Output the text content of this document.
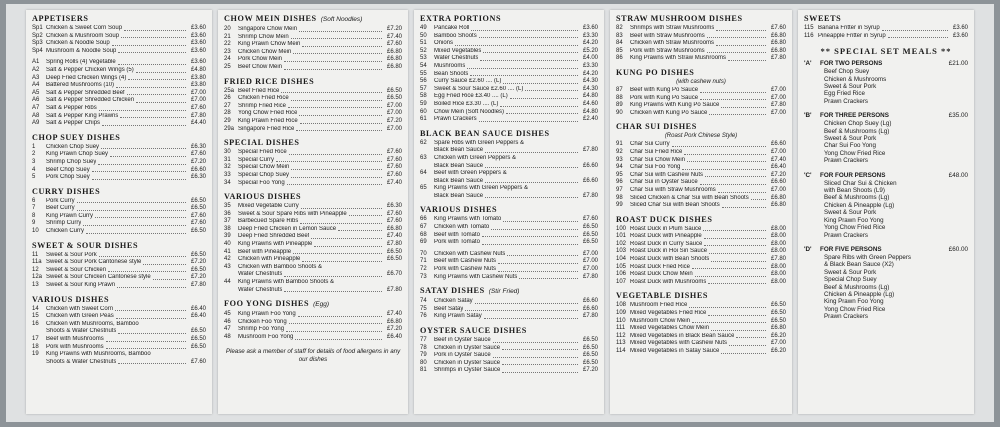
APPETISERS
Sp1 Chicken & Sweet Corn Soup	£3.60
Sp2 Chicken & Mushroom Soup	£3.60
Sp3 Chicken & Noodle Soup	£3.60
Sp4 Mushroom & Noodle Soup	£3.60
A1	Spring Rolls (4) Vegetable	£3.60
A2	Salt & Pepper Chicken Wings (5)	£4.80
A3	Deep Fried Chicken Wings (4)	£3.80
A4	Battered Mushrooms (10)	£3.80
A5	Salt & Pepper Shredded Beef	£7.00
A6	Salt & Pepper Shredded Chicken	£7.00
A7	Salt & Pepper Ribs	£7.60
A8	Salt & Pepper King Prawns	£7.80
A9	Salt & Pepper Chips	£4.40
CHOP SUEY DISHES
1	Chicken Chop Suey	£6.30
2	King Prawn Chop Suey	£7.60
3	Shrimp Chop Suey	£7.20
4	Beef Chop Suey	£6.60
5	Pork Chop Suey	£6.30
CURRY DISHES
6	Pork Curry	£6.50
7	Beef Curry	£6.50
8	King Prawn Curry	£7.60
9	Shrimp Curry	£7.60
10	Chicken Curry	£6.50
SWEET & SOUR DISHES
11	Sweet & Sour Pork	£6.50
11a Sweet & Sour Pork Cantonese style	£7.20
12	Sweet & Sour Chicken	£6.50
12a Sweet & Sour Chicken Cantonese style	£7.20
13	Sweet & Sour King Prawn	£7.80
VARIOUS DISHES
14	Chicken with Sweet Corn	£6.40
15	Chicken with Green Peas	£6.40
16	Chicken with Mushrooms, Bamboo
Shoots & Water Chestnuts	£6.50
17	Beef with Mushrooms	£6.50
18	Pork with Mushrooms	£6.50
19	King Prawns with Mushrooms, Bamboo
Shoots & Water Chestnuts	£7.60
CHOW MEIN DISHES (Soft Noodles)
20	Singapore Chow Mein	£7.20
21	Shrimp Chow Mein	£7.40
22	King Prawn Chow Mein	£7.60
23	Chicken Chow Mein	£6.80
24	Pork Chow Mein	£6.80
25	Beef Chow Mein	£6.80
FRIED RICE DISHES
25a Beef Fried Rice	£6.50
26	Chicken Fried Rice	£6.50
27	Shrimp Fried Rice	£7.00
28	Yong Chow Fried Rice	£7.00
29	King Prawn Fried Rice	£7.20
29a Singapore Fried Rice	£7.00
SPECIAL DISHES
30	Special Fried Rice	£7.60
31	Special Curry	£7.60
32	Special Chow Mein	£7.60
33	Special Chop Suey	£7.60
34	Special Foo Yong	£7.40
VARIOUS DISHES
35	Mixed Vegetable Curry	£6.30
36	Sweet & Sour Spare Ribs with Pineapple	£7.60
37	Barbecued Spare Ribs	£7.60
38	Deep Fried Chicken in Lemon Sauce	£6.80
39	Deep Fried Shredded Beef	£7.40
40	King Prawns with Pineapple	£7.80
41	Beef with Pineapple	£6.50
42	Chicken with Pineapple	£6.50
43	Chicken with Bamboo Shoots &
Water Chestnuts	£6.70
44	King Prawns with Bamboo Shoots &
Water Chestnuts	£7.80
FOO YONG DISHES (Egg)
45	King Prawn Foo Yong	£7.40
46	Chicken Foo Yong	£6.80
47	Shrimp Foo Yong	£7.20
48	Mushroom Foo Yong	£6.40
Please ask a member of staff for details of food allergens in any our dishes
EXTRA PORTIONS
49	Pancake Roll	£3.60
50	Bamboo Shoots	£3.30
51	Onions	£4.20
52	Mixed Vegetables	£5.20
53	Water Chestnuts	£4.00
54	Mushrooms	£3.30
55	Bean Shoots	£4.20
56	Curry Sauce £2.60 .... (L)	£4.30
57	Sweet & Sour Sauce £2.60 .... (L)	£4.30
58	Egg Fried Rice £3.40 .... (L)	£4.80
59	Boiled Rice £3.30 .... (L)	£4.60
60	Chow Mein (Soft Noodles)	£4.80
61	Prawn Crackers	£2.40
BLACK BEAN SAUCE DISHES
62	Spare Ribs with Green Peppers &
Black Bean Sauce	£7.80
63	Chicken with Green Peppers &
Black Bean Sauce	£6.60
64	Beef with Green Peppers &
Black Bean Sauce	£6.60
65	King Prawns with Green Peppers &
Black Bean Sauce	£7.80
VARIOUS DISHES
66	King Prawns with Tomato	£7.60
67	Chicken with Tomato	£6.50
68	Beef with Tomato	£6.50
69	Pork with Tomato	£6.50
70	Chicken with Cashew Nuts	£7.00
71	Beef with Cashew Nuts	£7.00
72	Pork with Cashew Nuts	£7.00
73	King Prawns with Cashew Nuts	£7.80
SATAY DISHES (Stir Fried)
74	Chicken Satay	£6.60
75	Beef Satay	£6.60
76	King Prawn Satay	£7.80
OYSTER SAUCE DISHES
77	Beef in Oyster Sauce	£6.50
78	Chicken in Oyster Sauce	£6.50
79	Pork in Oyster Sauce	£6.50
80	Chicken in Oyster Sauce	£6.50
81	Shrimps in Oyster Sauce	£7.20
STRAW MUSHROOM DISHES
82	Shrimps with Straw Mushrooms	£7.60
83	Beef with Straw Mushrooms	£6.80
84	Chicken with Straw Mushrooms	£6.80
85	Pork with Straw Mushrooms	£6.80
86	King Prawns with Straw Mushrooms	£7.80
KUNG PO DISHES
(with cashew nuts)
87	Beef with Kung Po Sauce	£7.00
88	Pork with Kung Po Sauce	£7.00
89	King Prawns with Kung Po Sauce	£7.80
90	Chicken with Kung Po Sauce	£7.00
CHAR SUI DISHES
(Roast Pork Chinese Style)
91	Char Sui Curry	£6.60
92	Char Sui Fried Rice	£7.00
93	Char Sui Chow Mein	£7.40
94	Char Sui Foo Yong	£6.40
95	Char Sui with Cashew Nuts	£7.20
96	Char Sui in Oyster Sauce	£6.60
97	Char Sui with Straw Mushrooms	£7.00
98	Sliced Chicken & Char Sui with Bean Shoots	£6.80
99	Sliced Char Sui with Bean Shoots	£6.80
ROAST DUCK DISHES
100 Roast Duck in Plum Sauce	£8.00
101 Roast Duck with Pineapple	£8.00
102 Roast Duck in Curry Sauce	£8.00
103 Roast Duck in Hoi Sin Sauce	£8.00
104 Roast Duck with Bean Shoots	£7.80
105 Roast Duck Fried Rice	£8.00
106 Roast Duck Chow Mein	£8.00
107 Roast Duck with Mushrooms	£8.00
VEGETABLE DISHES
108 Mushroom Fried Rice	£6.50
109 Mixed Vegetables Fried Rice	£6.50
110 Mushroom Chow Mein	£6.50
111 Mixed Vegetables Chow Mein	£6.80
112 Mixed Vegetables in Black Bean Sauce	£6.20
113 Mixed Vegetables with Cashew Nuts	£7.00
114 Mixed Vegetables in Satay Sauce	£6.20
SWEETS
115 Banana Fritter in Syrup	£3.60
116 Pineapple Fritter in Syrup	£3.60
** SPECIAL SET MEALS **
'A'	FOR TWO PERSONS	£21.00
Beef Chop Suey
Chicken & Mushrooms
Sweet & Sour Pork
Egg Fried Rice
Prawn Crackers
'B'	FOR THREE PERSONS	£35.00
Chicken Chop Suey (Lg)
Beef & Mushrooms (Lg)
Sweet & Sour Pork
Char Sui Foo Yong
Yong Chow Fried Rice
Prawn Crackers
'C'	FOR FOUR PERSONS	£48.00
Sliced Char Sui & Chicken
with Bean Shoots (L9)
Beef & Mushrooms (Lg)
Chicken & Pineapple (Lg)
Sweet & Sour Pork
King Prawn Foo Yong
Yong Chow Fried Rice
Prawn Crackers
'D'	FOR FIVE PERSONS	£60.00
Spare Ribs with Green Peppers
& Black Bean Sauce (X2)
Sweet & Sour Pork
Special Chop Suey
Beef & Mushrooms (Lg)
Chicken & Pineapple (Lg)
King Prawn Foo Yong
Yong Chow Fried Rice
Prawn Crackers
